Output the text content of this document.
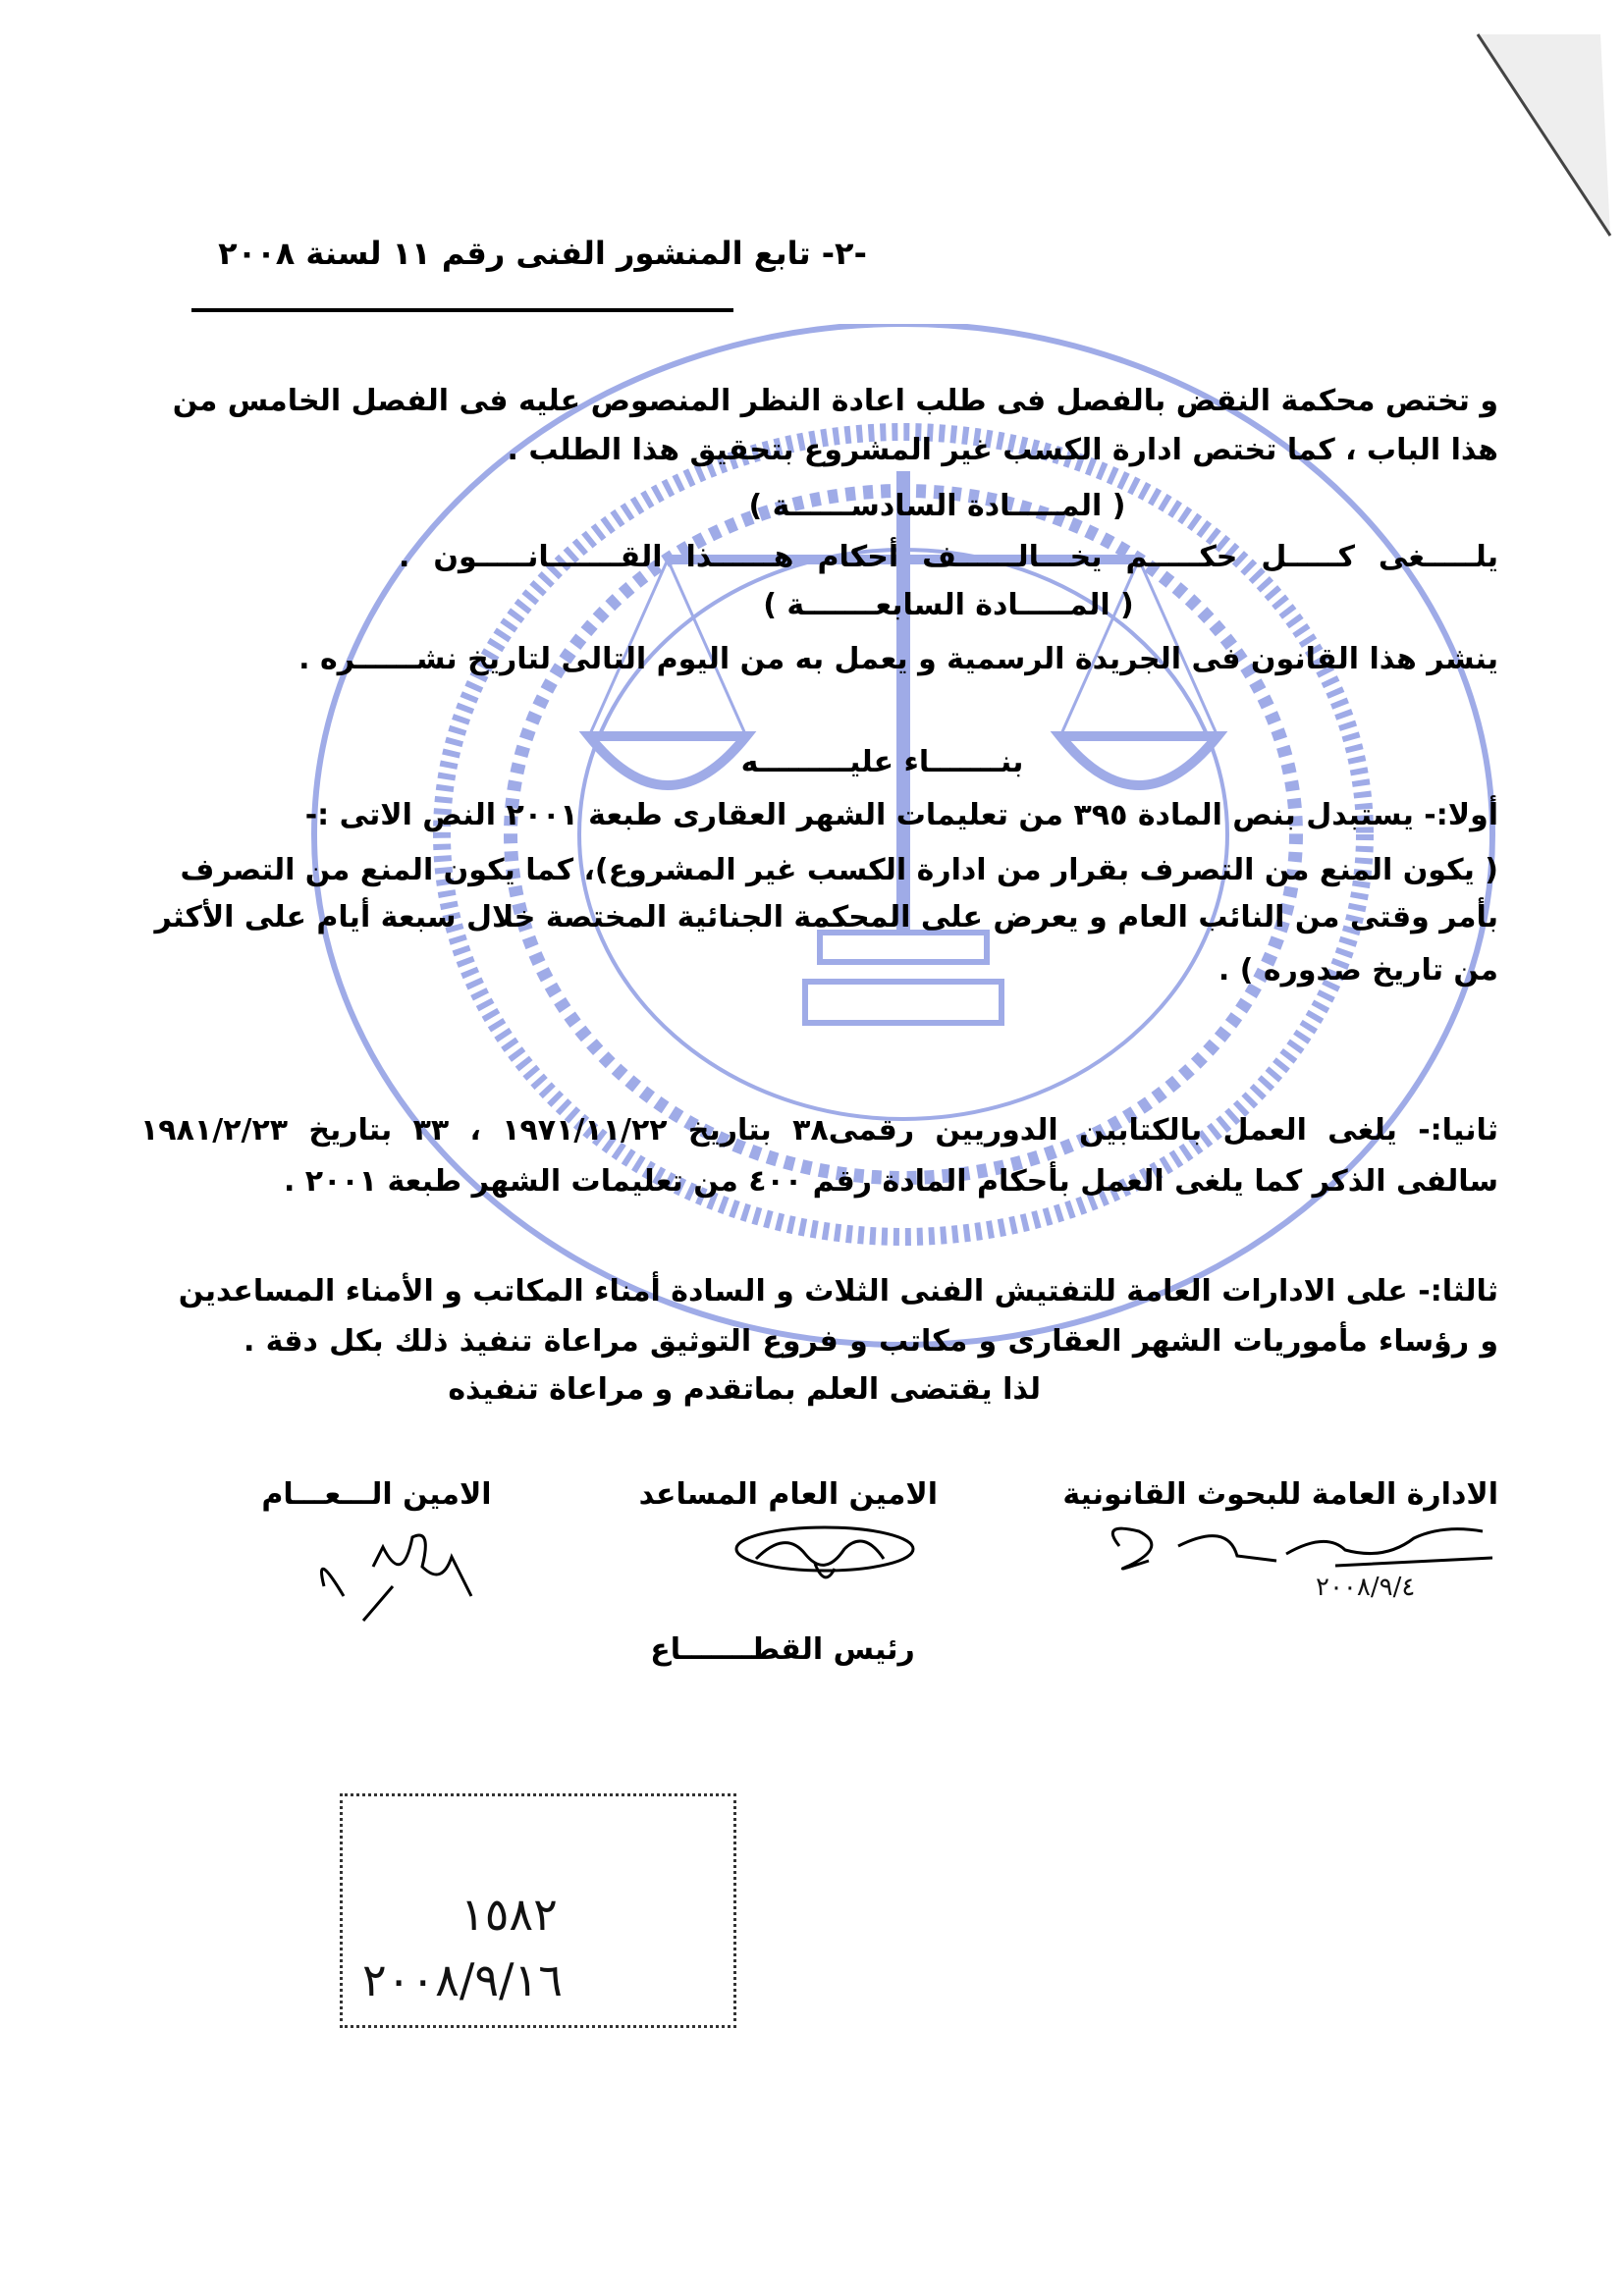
-٢- تابع المنشور الفنى رقم ١١ لسنة ٢٠٠٨
و تختص محكمة النقض بالفصل فى طلب اعادة النظر المنصوص عليه فى الفصل الخامس من
هذا الباب ، كما تختص ادارة الكسب غير المشروع بتحقيق هذا الطلب .
( المـــــادة السادســــــة )
يلـــــغى كـــــل حكـــــم يخـــالــــــف أحكام هــــــذا القـــــــانـــــون .
( المـــــادة السابعـــــــة )
ينشر هذا القانون فى الجريدة الرسمية و يعمل به من اليوم التالى لتاريخ نشــــــره .
بنـــــــاء عليـــــــــه
أولا:- يستبدل بنص المادة ٣٩٥ من تعليمات الشهر العقارى طبعة ٢٠٠١ النص الاتى :-
( يكون المنع من التصرف بقرار من ادارة الكسب غير المشروع)، كما يكون المنع من التصرف
بأمر وقتى من النائب العام و يعرض على المحكمة الجنائية المختصة خلال سبعة أيام على الأكثر
من تاريخ صدوره ) .
ثانيا:- يلغى العمل بالكتابين الدوريين رقمى٣٨ بتاريخ ١٩٧١/١١/٢٢ ، ٣٣ بتاريخ ١٩٨١/٢/٢٣
سالفى الذكر كما يلغى العمل بأحكام المادة رقم ٤٠٠ من تعليمات الشهر طبعة ٢٠٠١ .
ثالثا:- على الادارات العامة للتفتيش الفنى الثلاث و السادة أمناء المكاتب و الأمناء المساعدين
و رؤساء مأموريات الشهر العقارى و مكاتب و فروع التوثيق مراعاة تنفيذ ذلك بكل دقة .
لذا يقتضى العلم بماتقدم و مراعاة تنفيذه
الادارة العامة للبحوث القانونية
الامين العام المساعد
الامين الـــعـــام
٢٠٠٨/٩/٤
رئيس القطـــــــاع
١٥٨٢
٢٠٠٨/٩/١٦
